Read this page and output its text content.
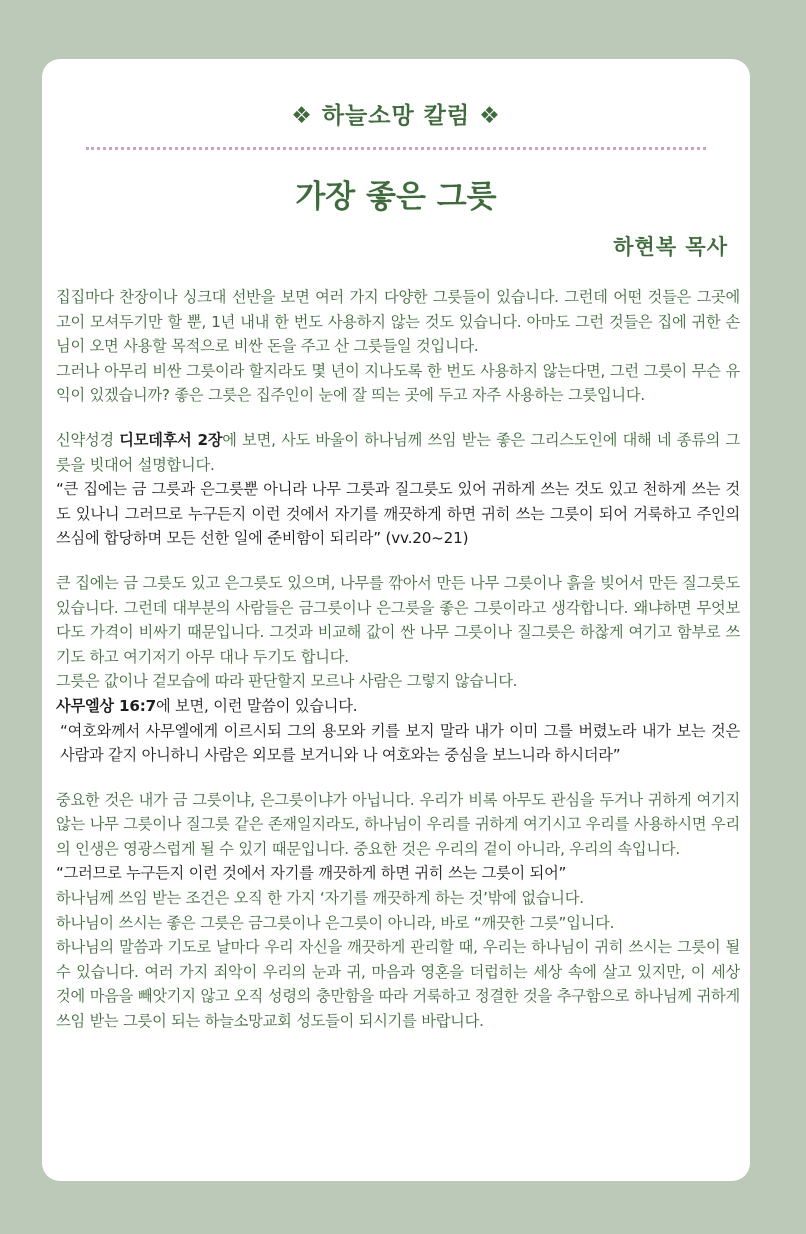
❖ 하늘소망 칼럼 ❖
가장 좋은 그릇
하현복 목사

집집마다 찬장이나 싱크대 선반을 보면 여러 가지 다양한 그릇들이 있습니다. 그런데 어떤 것들은 그곳에 고이 모셔두기만 할 뿐, 1년 내내 한 번도 사용하지 않는 것도 있습니다. 아마도 그런 것들은 집에 귀한 손님이 오면 사용할 목적으로 비싼 돈을 주고 산 그릇들일 것입니다.

그러나 아무리 비싼 그릇이라 할지라도 몇 년이 지나도록 한 번도 사용하지 않는다면, 그런 그릇이 무슨 유익이 있겠습니까? 좋은 그릇은 집주인이 눈에 잘 띄는 곳에 두고 자주 사용하는 그릇입니다.

신약성경 디모데후서 2장에 보면, 사도 바울이 하나님께 쓰임 받는 좋은 그리스도인에 대해 네 종류의 그릇을 빗대어 설명합니다.

“큰 집에는 금 그릇과 은그릇뿐 아니라 나무 그릇과 질그릇도 있어 귀하게 쓰는 것도 있고 천하게 쓰는 것도 있나니 그러므로 누구든지 이런 것에서 자기를 깨끗하게 하면 귀히 쓰는 그릇이 되어 거룩하고 주인의 쓰심에 합당하며 모든 선한 일에 준비함이 되리라” (vv.20~21)

큰 집에는 금 그릇도 있고 은그릇도 있으며, 나무를 깎아서 만든 나무 그릇이나 흙을 빚어서 만든 질그릇도 있습니다. 그런데 대부분의 사람들은 금그릇이나 은그릇을 좋은 그릇이라고 생각합니다. 왜냐하면 무엇보다도 가격이 비싸기 때문입니다. 그것과 비교해 값이 싼 나무 그릇이나 질그릇은 하찮게 여기고 함부로 쓰기도 하고 여기저기 아무 대나 두기도 합니다.

그릇은 값이나 겉모습에 따라 판단할지 모르나 사람은 그렇지 않습니다.

사무엘상 16:7에 보면, 이런 말씀이 있습니다.

“여호와께서 사무엘에게 이르시되 그의 용모와 키를 보지 말라 내가 이미 그를 버렸노라 내가 보는 것은 사람과 같지 아니하니 사람은 외모를 보거니와 나 여호와는 중심을 보느니라 하시더라”

중요한 것은 내가 금 그릇이냐, 은그릇이냐가 아닙니다. 우리가 비록 아무도 관심을 두거나 귀하게 여기지 않는 나무 그릇이나 질그릇 같은 존재일지라도, 하나님이 우리를 귀하게 여기시고 우리를 사용하시면 우리의 인생은 영광스럽게 될 수 있기 때문입니다. 중요한 것은 우리의 겉이 아니라, 우리의 속입니다.

“그러므로 누구든지 이런 것에서 자기를 깨끗하게 하면 귀히 쓰는 그릇이 되어”

하나님께 쓰임 받는 조건은 오직 한 가지 ‘자기를 깨끗하게 하는 것’밖에 없습니다.

하나님이 쓰시는 좋은 그릇은 금그릇이나 은그릇이 아니라, 바로 “깨끗한 그릇”입니다.

하나님의 말씀과 기도로 날마다 우리 자신을 깨끗하게 관리할 때, 우리는 하나님이 귀히 쓰시는 그릇이 될 수 있습니다. 여러 가지 죄악이 우리의 눈과 귀, 마음과 영혼을 더럽히는 세상 속에 살고 있지만, 이 세상 것에 마음을 빼앗기지 않고 오직 성령의 충만함을 따라 거룩하고 정결한 것을 추구함으로 하나님께 귀하게 쓰임 받는 그릇이 되는 하늘소망교회 성도들이 되시기를 바랍니다.
